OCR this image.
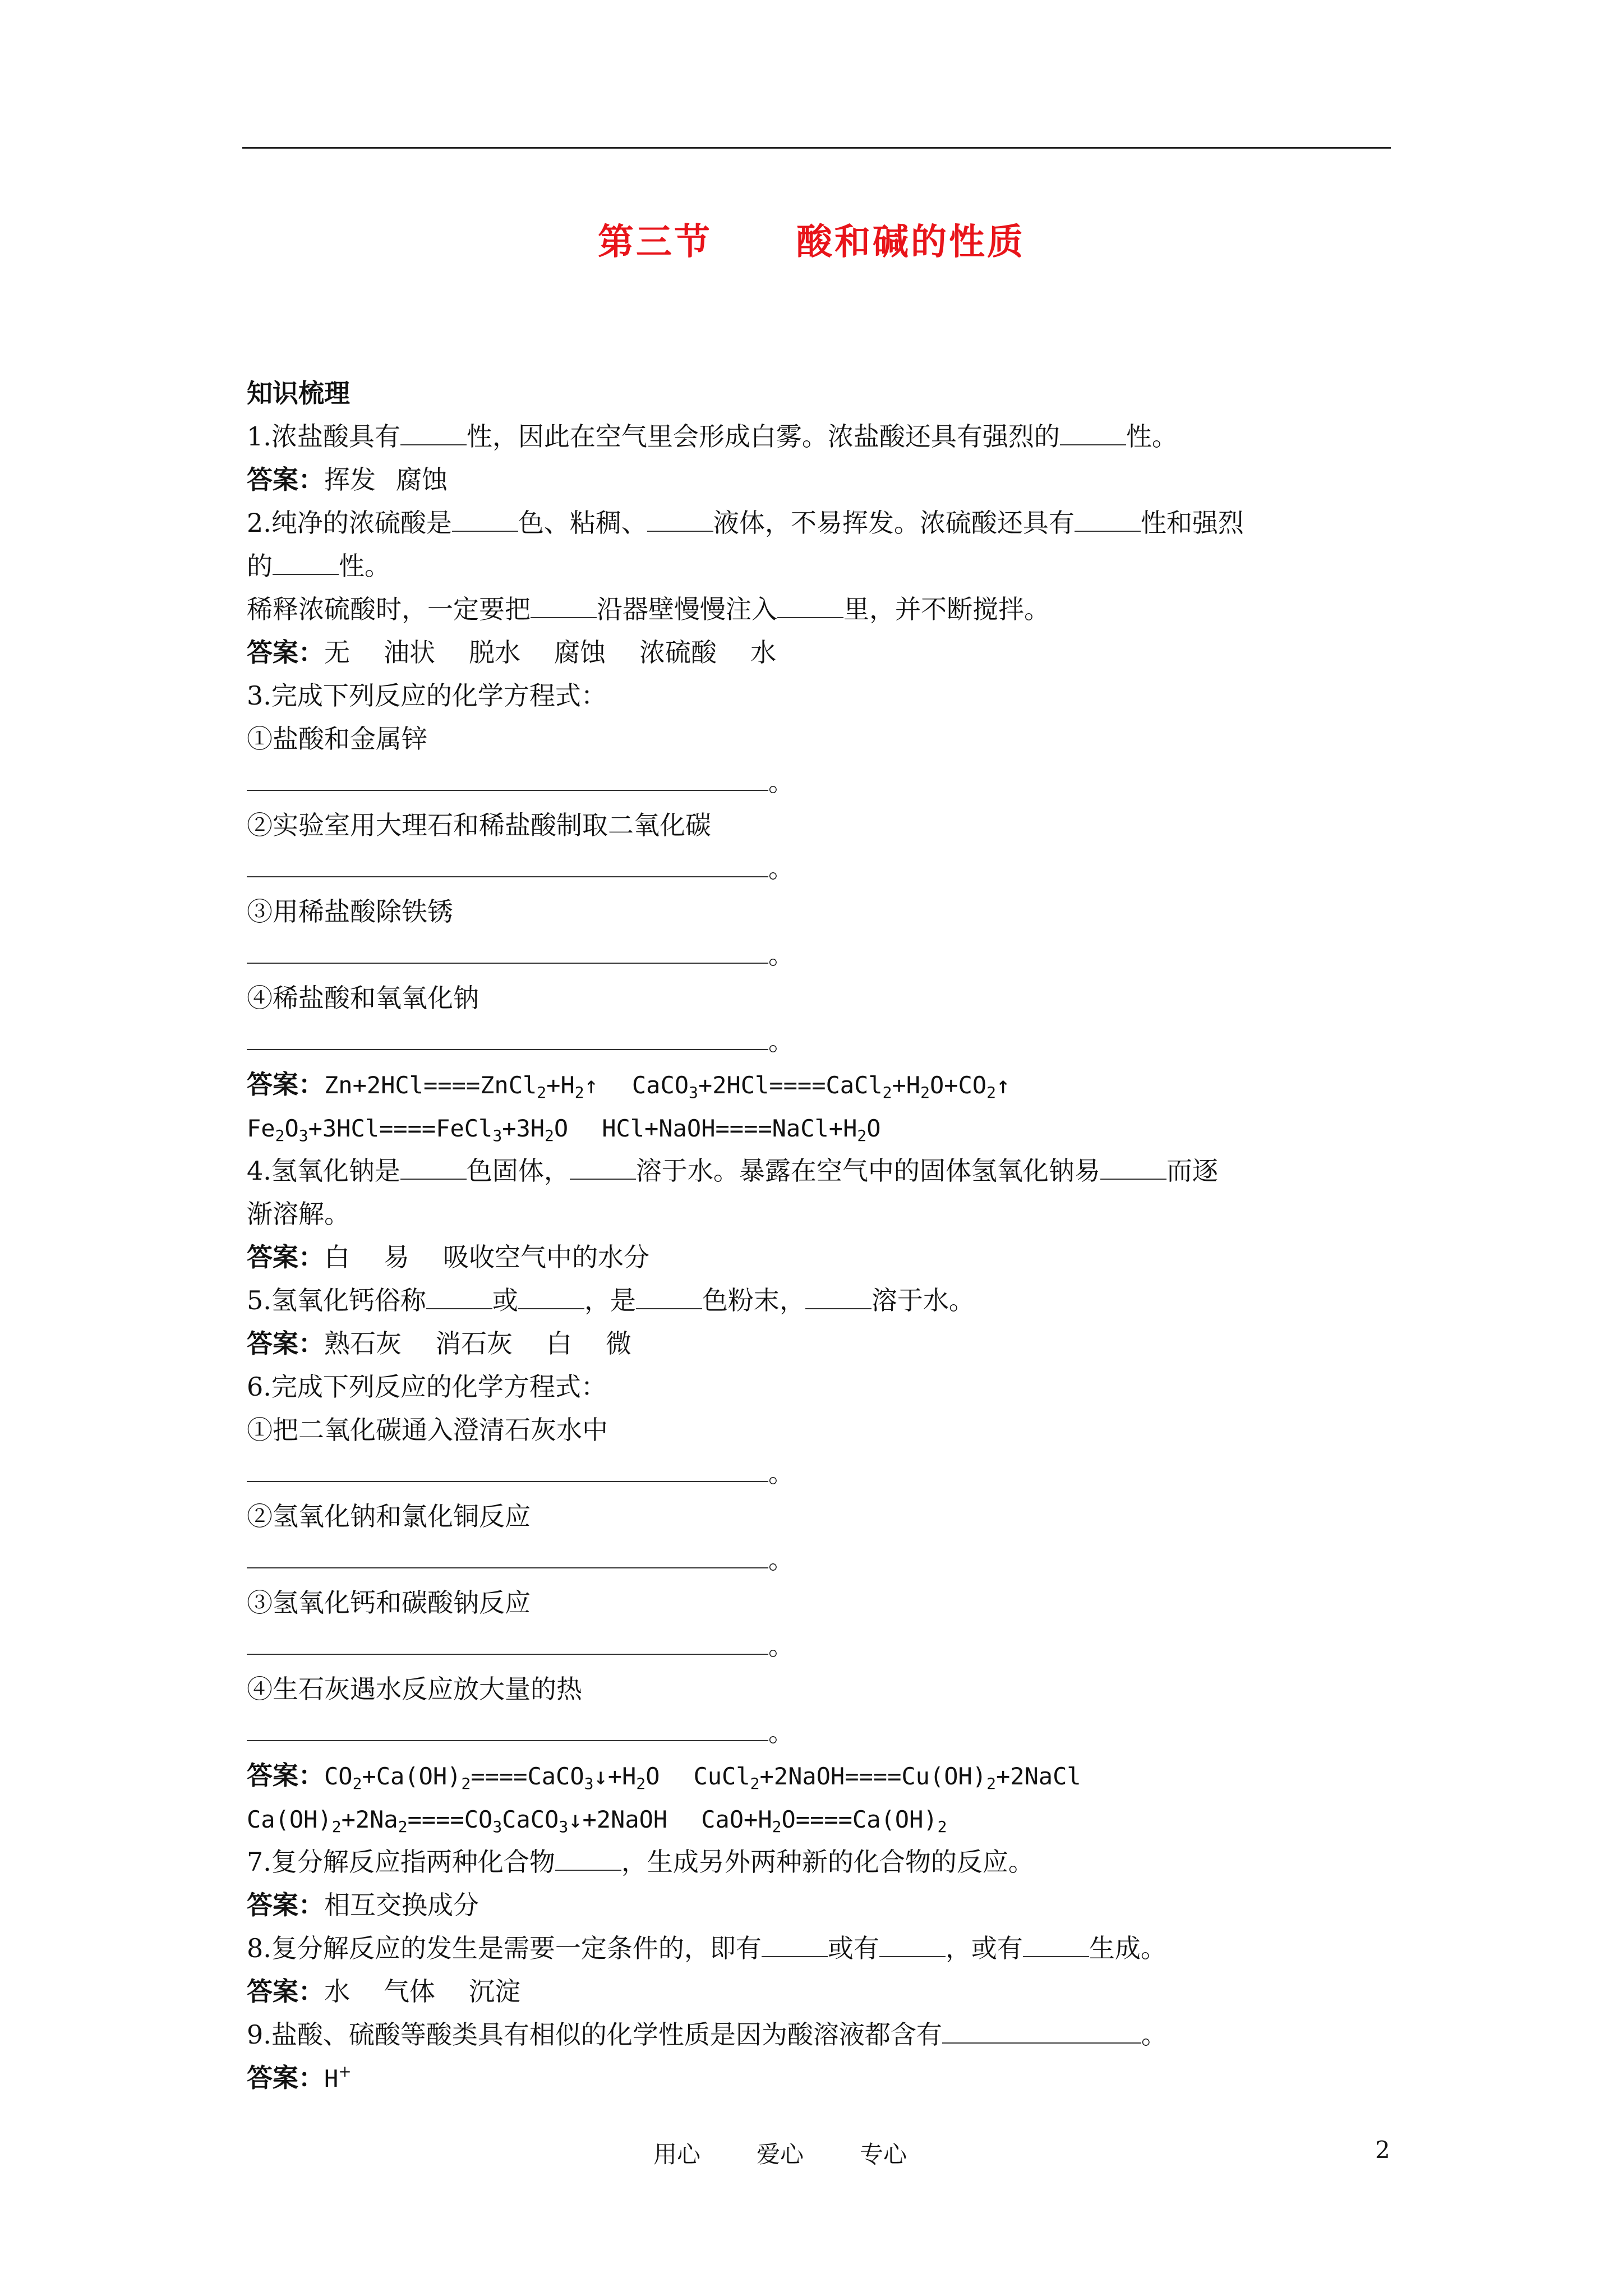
第三节 酸和碱的性质
知识梳理
1.浓盐酸具有	性，因此在空气里会形成白雾。浓盐酸还具有强烈的	性。
答案：挥发 腐蚀
2.纯净的浓硫酸是	色、粘稠、	液体，不易挥发。浓硫酸还具有	性和强烈
的	性。
稀释浓硫酸时，一定要把	沿器壁慢慢注入	里，并不断搅拌。
答案：无 油状 脱水 腐蚀 浓硫酸 水
3.完成下列反应的化学方程式：
①盐酸和金属锌
。
②实验室用大理石和稀盐酸制取二氧化碳
。
③用稀盐酸除铁锈
。
④稀盐酸和氧氧化钠
。
答案：$Zn+2HCl====ZnCl_2+H_2↑$ $CaCO_3+2HCl====CaCl_2+H_2O+CO_2↑$
$Fe_2O_3+3HCl====FeCl_3+3H_2O$ $HCl+NaOH====NaCl+H_2O$
4.氢氧化钠是	色固体，	溶于水。暴露在空气中的固体氢氧化钠易	而逐
渐溶解。
答案：白 易 吸收空气中的水分
5.氢氧化钙俗称	或	，是	色粉末，	溶于水。
答案：熟石灰 消石灰 白 微
6.完成下列反应的化学方程式：
①把二氧化碳通入澄清石灰水中
。
②氢氧化钠和氯化铜反应
。
③氢氧化钙和碳酸钠反应
。
④生石灰遇水反应放大量的热
。
答案：$CO_2+Ca(OH)_2====CaCO_3↓+H_2O$ $CuCl_2+2NaOH====Cu(OH)_2+2NaCl$
$Ca(OH)_2+2Na_2====CO_3CaCO_3↓+2NaOH$ $CaO+H_2O====Ca(OH)_2$
7.复分解反应指两种化合物	，生成另外两种新的化合物的反应。
答案：相互交换成分
8.复分解反应的发生是需要一定条件的，即有	或有	，或有	生成。
答案：水 气体 沉淀
9.盐酸、硫酸等酸类具有相似的化学性质是因为酸溶液都含有	。
答案：H+
用心 爱心 专心	2
